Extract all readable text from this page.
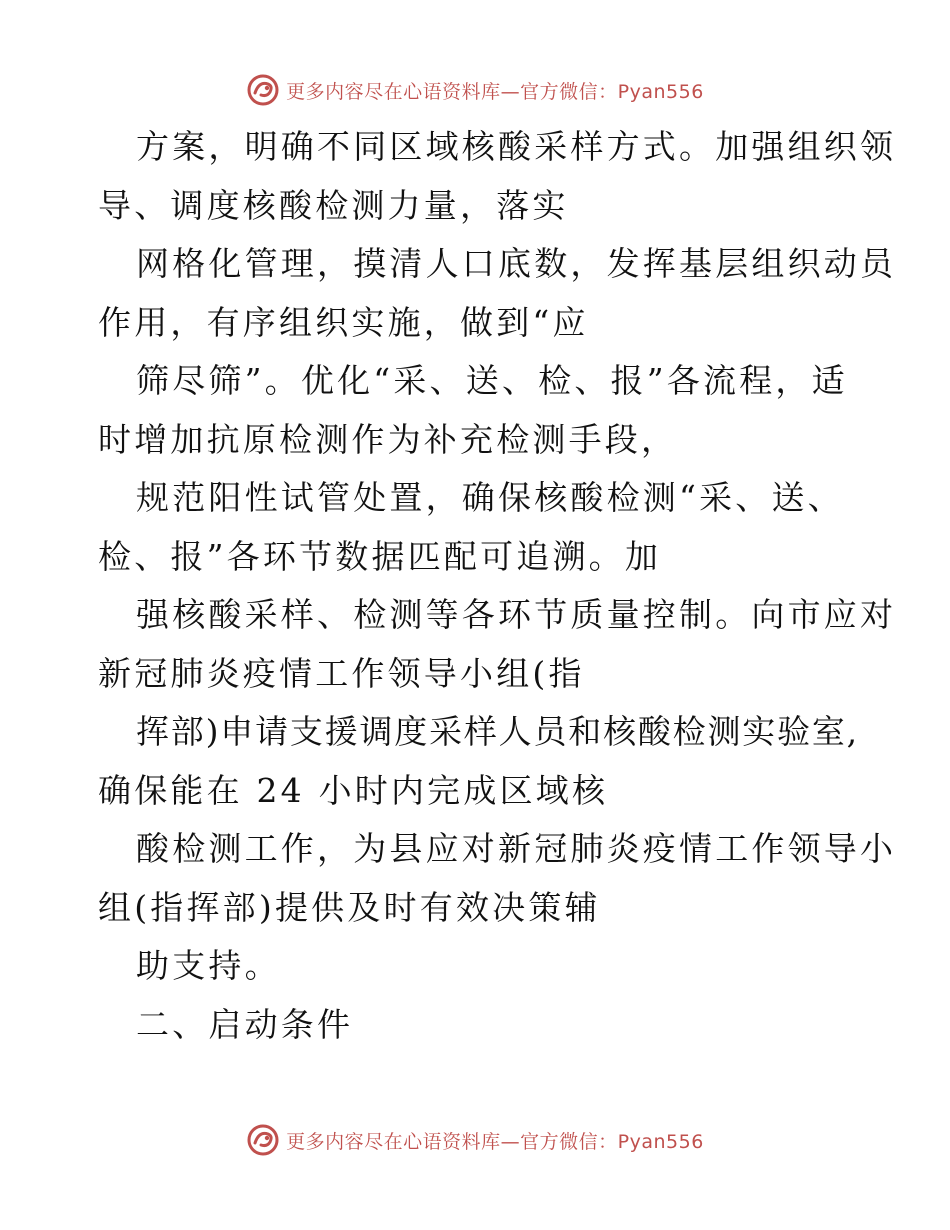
更多内容尽在心语资料库—官方微信：Pyan556
方案，明确不同区域核酸采样方式。加强组织领
导、调度核酸检测力量，落实
网格化管理，摸清人口底数，发挥基层组织动员
作用，有序组织实施，做到“应
筛尽筛”。优化“采、送、检、报”各流程，适
时增加抗原检测作为补充检测手段，
规范阳性试管处置，确保核酸检测“采、送、
检、报”各环节数据匹配可追溯。加
强核酸采样、检测等各环节质量控制。向市应对
新冠肺炎疫情工作领导小组(指
挥部)申请支援调度采样人员和核酸检测实验室,
确保能在 24 小时内完成区域核
酸检测工作，为县应对新冠肺炎疫情工作领导小
组(指挥部)提供及时有效决策辅
助支持。
二、启动条件
更多内容尽在心语资料库—官方微信：Pyan556
